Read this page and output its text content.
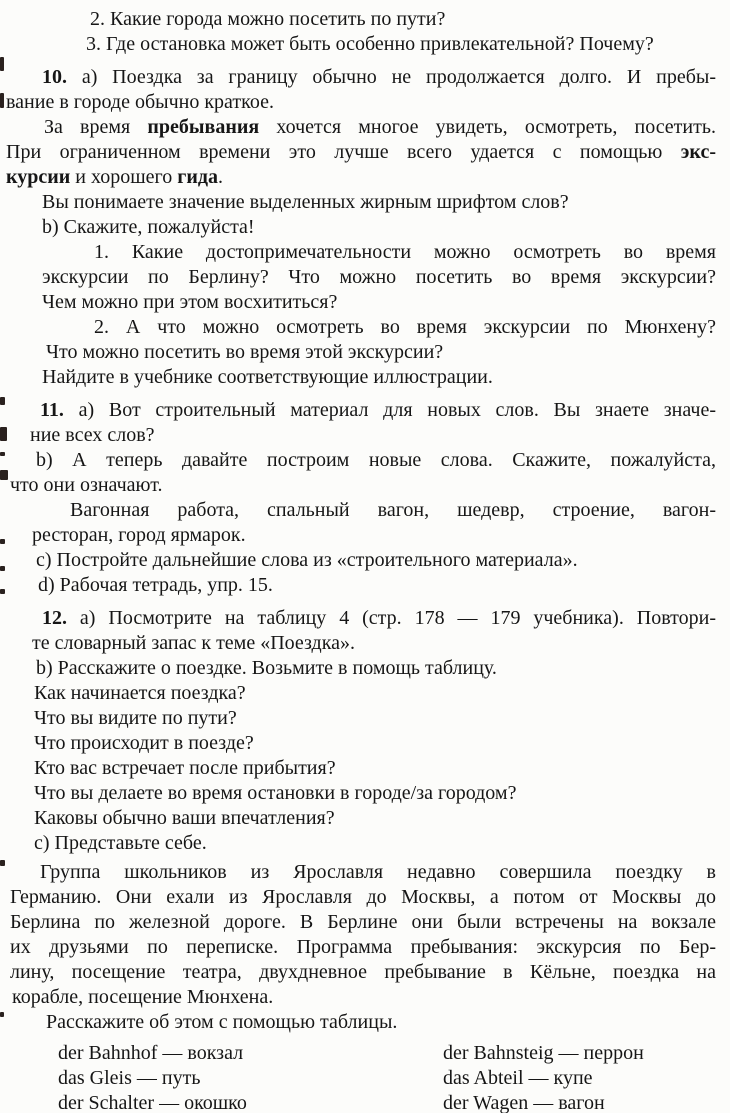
2. Какие города можно посетить по пути?
3. Где остановка может быть особенно привлекательной? Почему?
10. а) Поездка за границу обычно не продолжается долго. И пребы-
вание в городе обычно краткое.
За время пребывания хочется многое увидеть, осмотреть, посетить.
При ограниченном времени это лучше всего удается с помощью экс-
курсии и хорошего гида.
Вы понимаете значение выделенных жирным шрифтом слов?
b) Скажите, пожалуйста!
1. Какие достопримечательности можно осмотреть во время
экскурсии по Берлину? Что можно посетить во время экскурсии?
Чем можно при этом восхититься?
2. А что можно осмотреть во время экскурсии по Мюнхену?
Что можно посетить во время этой экскурсии?
Найдите в учебнике соответствующие иллюстрации.
11. а) Вот строительный материал для новых слов. Вы знаете значе-
ние всех слов?
b) А теперь давайте построим новые слова. Скажите, пожалуйста,
что они означают.
Вагонная работа, спальный вагон, шедевр, строение, вагон-
ресторан, город ярмарок.
c) Постройте дальнейшие слова из «строительного материала».
d) Рабочая тетрадь, упр. 15.
12. а) Посмотрите на таблицу 4 (стр. 178 — 179 учебника). Повтори-
те словарный запас к теме «Поездка».
b) Расскажите о поездке. Возьмите в помощь таблицу.
Как начинается поездка?
Что вы видите по пути?
Что происходит в поезде?
Кто вас встречает после прибытия?
Что вы делаете во время остановки в городе/за городом?
Каковы обычно ваши впечатления?
c) Представьте себе.
Группа школьников из Ярославля недавно совершила поездку в
Германию. Они ехали из Ярославля до Москвы, а потом от Москвы до
Берлина по железной дороге. В Берлине они были встречены на вокзале
их друзьями по переписке. Программа пребывания: экскурсия по Бер-
лину, посещение театра, двухдневное пребывание в Кёльне, поездка на
корабле, посещение Мюнхена.
Расскажите об этом с помощью таблицы.
der Bahnhof — вокзал	der Bahnsteig — перрон
das Gleis — путь	das Abteil — купе
der Schalter — окошко	der Wagen — вагон
